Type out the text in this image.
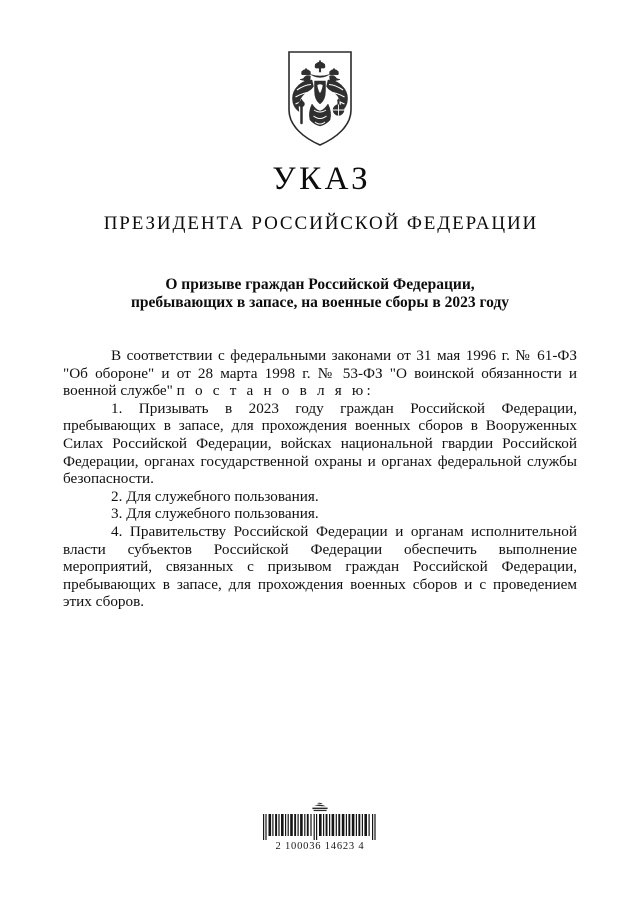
УКАЗ
ПРЕЗИДЕНТА РОССИЙСКОЙ ФЕДЕРАЦИИ
О призыве граждан Российской Федерации,
пребывающих в запасе, на военные сборы в 2023 году

В соответствии с федеральными законами от 31 мая 1996 г. № 61-ФЗ "Об обороне" и от 28 марта 1998 г. № 53-ФЗ "О воинской обязанности и военной службе" п о с т а н о в л я ю:

1. Призывать в 2023 году граждан Российской Федерации, пребывающих в запасе, для прохождения военных сборов в Вооруженных Силах Российской Федерации, войсках национальной гвардии Российской Федерации, органах государственной охраны и органах федеральной службы безопасности.

2. Для служебного пользования.

3. Для служебного пользования.

4. Правительству Российской Федерации и органам исполнительной власти субъектов Российской Федерации обеспечить выполнение мероприятий, связанных с призывом граждан Российской Федерации, пребывающих в запасе, для прохождения военных сборов и с проведением этих сборов.

2 100036 14623 4
